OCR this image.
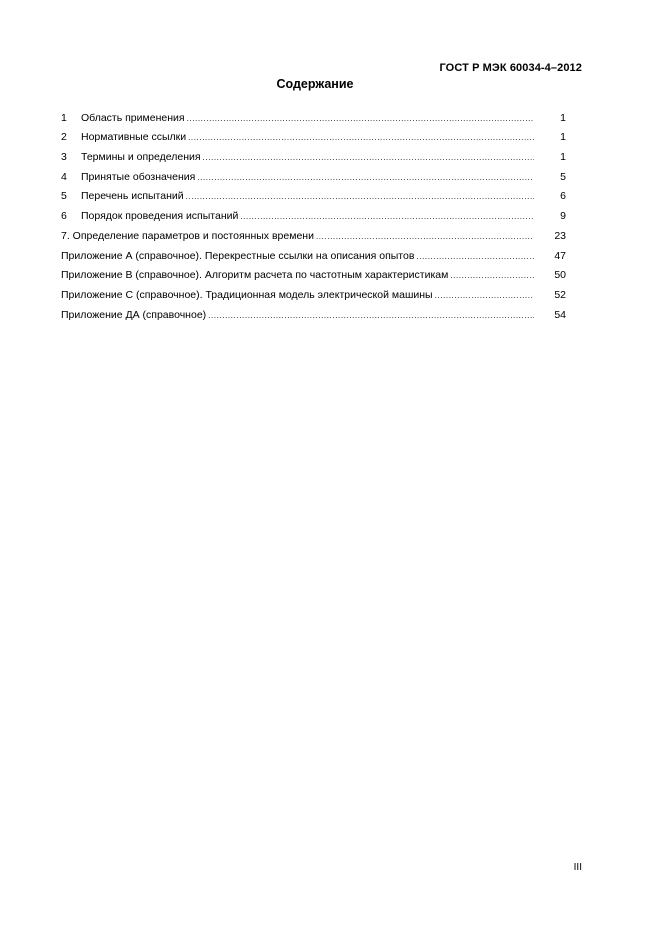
ГОСТ Р МЭК 60034-4–2012
Содержание
1	Область применения .....	1
2	Нормативные ссылки .....	1
3	Термины и определения .....	1
4	Принятые обозначения .....	5
5	Перечень испытаний .....	6
6	Порядок проведения испытаний .....	9
7. Определение параметров и постоянных времени .....	23
Приложение А (справочное). Перекрестные ссылки на описания опытов .....	47
Приложение В (справочное). Алгоритм расчета по частотным характеристикам .....	50
Приложение С (справочное). Традиционная модель электрической машины .....	52
Приложение ДА (справочное) .....	54
III
